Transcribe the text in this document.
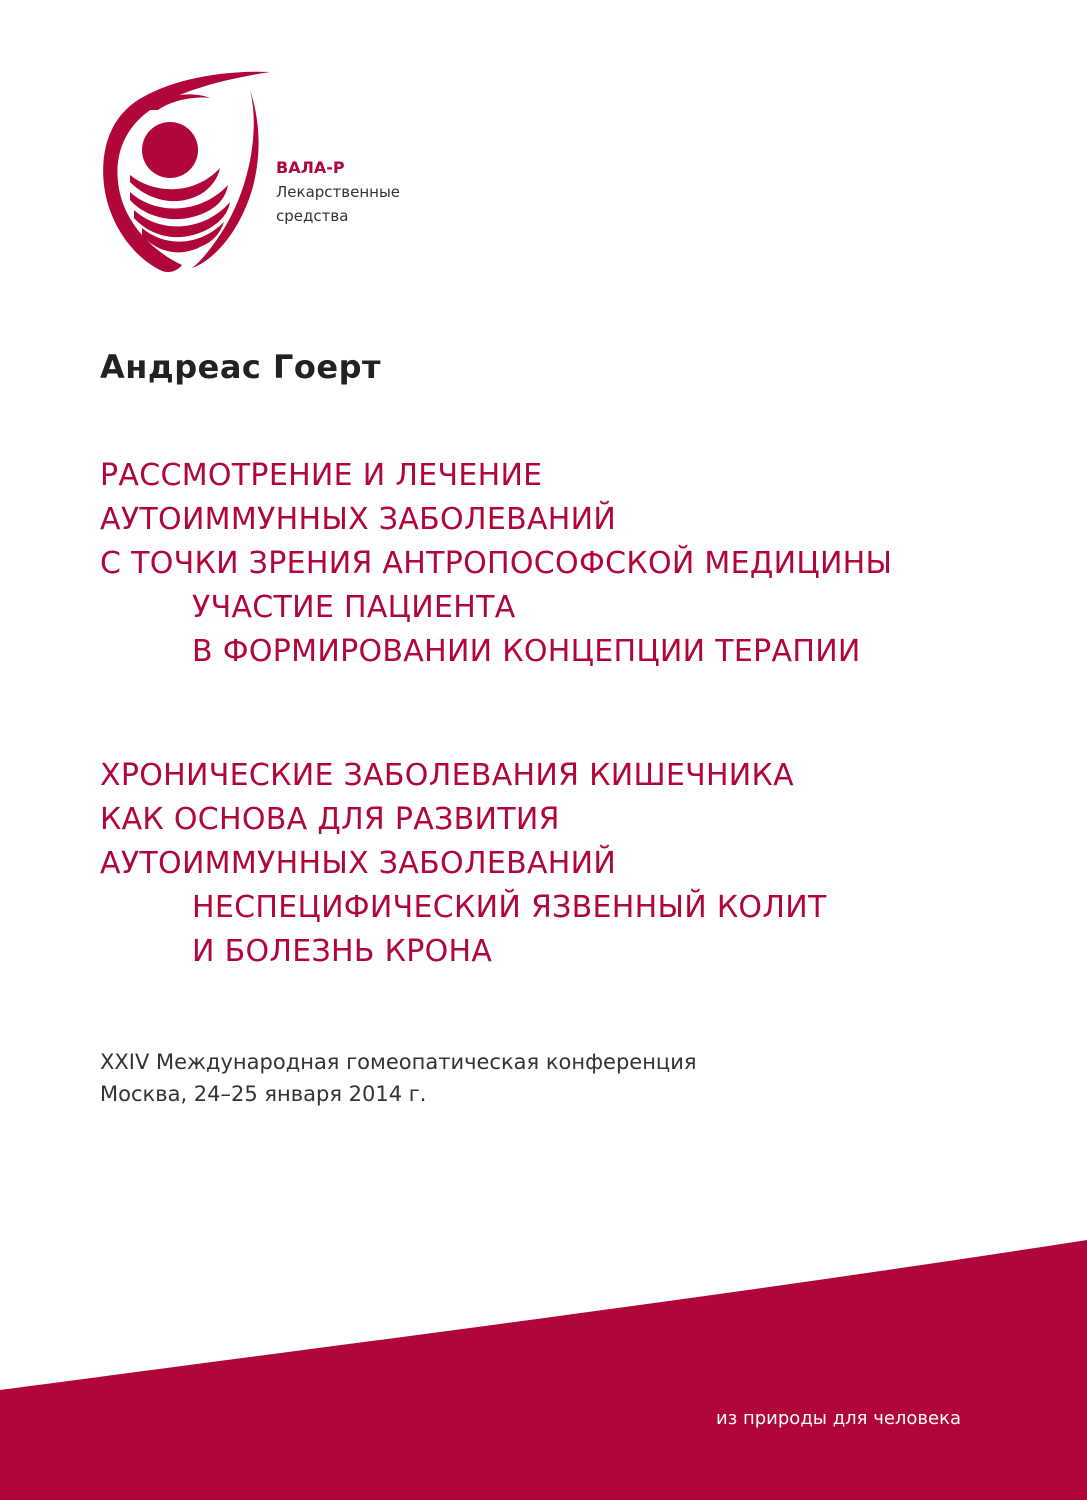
ВАЛА-Р
Лекарственные
средства
Андреас Гоерт
РАССМОТРЕНИЕ И ЛЕЧЕНИЕ
АУТОИММУННЫХ ЗАБОЛЕВАНИЙ
С ТОЧКИ ЗРЕНИЯ АНТРОПОСОФСКОЙ МЕДИЦИНЫ
УЧАСТИЕ ПАЦИЕНТА
В ФОРМИРОВАНИИ КОНЦЕПЦИИ ТЕРАПИИ
ХРОНИЧЕСКИЕ ЗАБОЛЕВАНИЯ КИШЕЧНИКА
КАК ОСНОВА ДЛЯ РАЗВИТИЯ
АУТОИММУННЫХ ЗАБОЛЕВАНИЙ
НЕСПЕЦИФИЧЕСКИЙ ЯЗВЕННЫЙ КОЛИТ
И БОЛЕЗНЬ КРОНА
XXIV Международная гомеопатическая конференция
Москва, 24–25 января 2014 г.
из природы для человека
